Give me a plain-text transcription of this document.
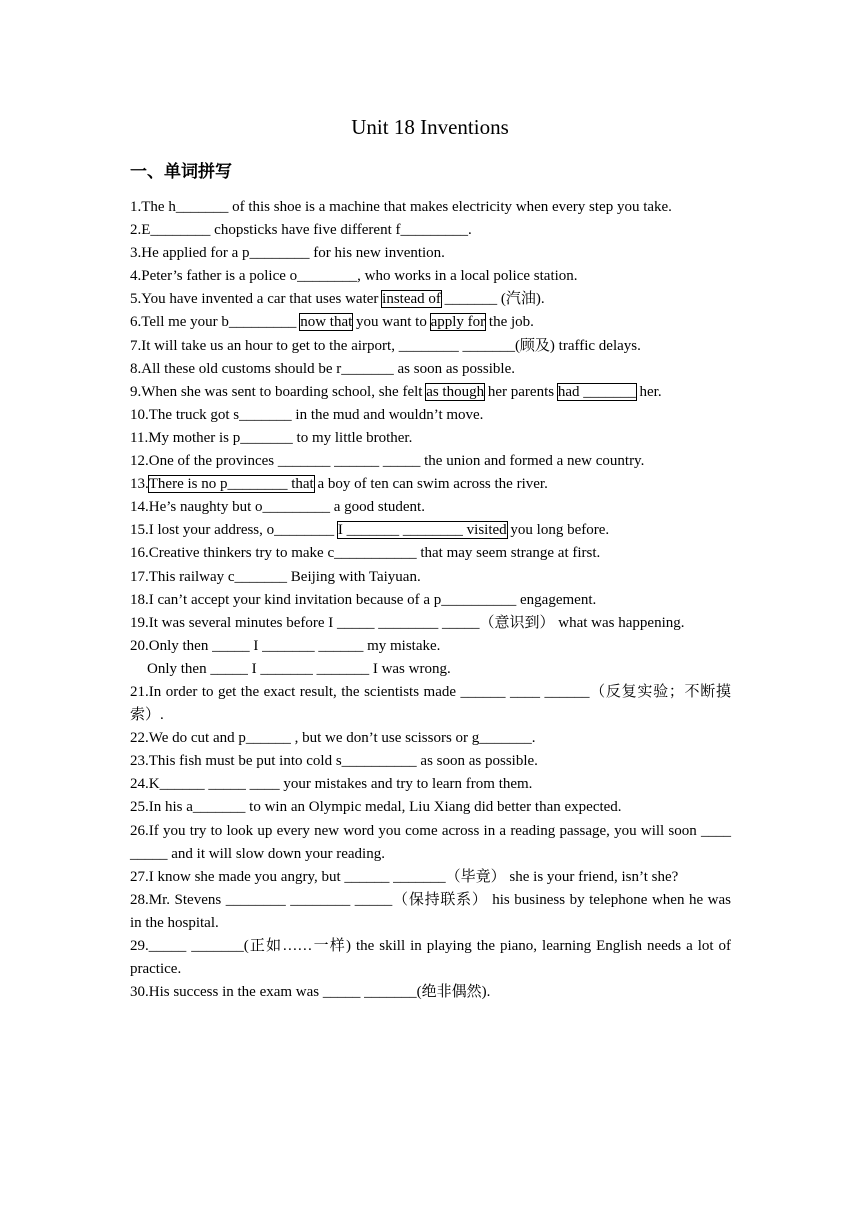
Unit 18 Inventions
一、单词拼写
1.The h_______ of this shoe is a machine that makes electricity when every step you take.
2.E________ chopsticks have five different f_________.
3.He applied for a p________ for his new invention.
4.Peter’s father is a police o________, who works in a local police station.
5.You have invented a car that uses water instead of _______ (汽油).
6.Tell me your b_________ now that you want to apply for the job.
7.It will take us an hour to get to the airport, ________ _______(顾及) traffic delays.
8.All these old customs should be r_______ as soon as possible.
9.When she was sent to boarding school, she felt as though her parents had _______ her.
10.The truck got s_______ in the mud and wouldn’t move.
11.My mother is p_______ to my little brother.
12.One of the provinces _______ ______ _____ the union and formed a new country.
13.There is no p________ that a boy of ten can swim across the river.
14.He’s naughty but o_________ a good student.
15.I lost your address, o________ I _______ ________ visited you long before.
16.Creative thinkers try to make c___________ that may seem strange at first.
17.This railway c_______ Beijing with Taiyuan.
18.I can’t accept your kind invitation because of a p__________ engagement.
19.It was several minutes before I _____ ________ _____（意识到） what was happening.
20.Only then _____ I _______ ______ my mistake.
Only then _____ I _______ _______ I was wrong.
21.In order to get the exact result, the scientists made ______ ____ ______（反复实验；不断摸索）.
22.We do cut and p______ , but we don’t use scissors or g_______.
23.This fish must be put into cold s__________ as soon as possible.
24.K______ _____ ____ your mistakes and try to learn from them.
25.In his a_______ to win an Olympic medal, Liu Xiang did better than expected.
26.If you try to look up every new word you come across in a reading passage, you will soon ____ _____ and it will slow down your reading.
27.I know she made you angry, but ______ _______（毕竟） she is your friend, isn’t she?
28.Mr. Stevens ________ ________ _____（保持联系） his business by telephone when he was in the hospital.
29._____ _______(正如……一样) the skill in playing the piano, learning English needs a lot of practice.
30.His success in the exam was _____ _______(绝非偶然).
